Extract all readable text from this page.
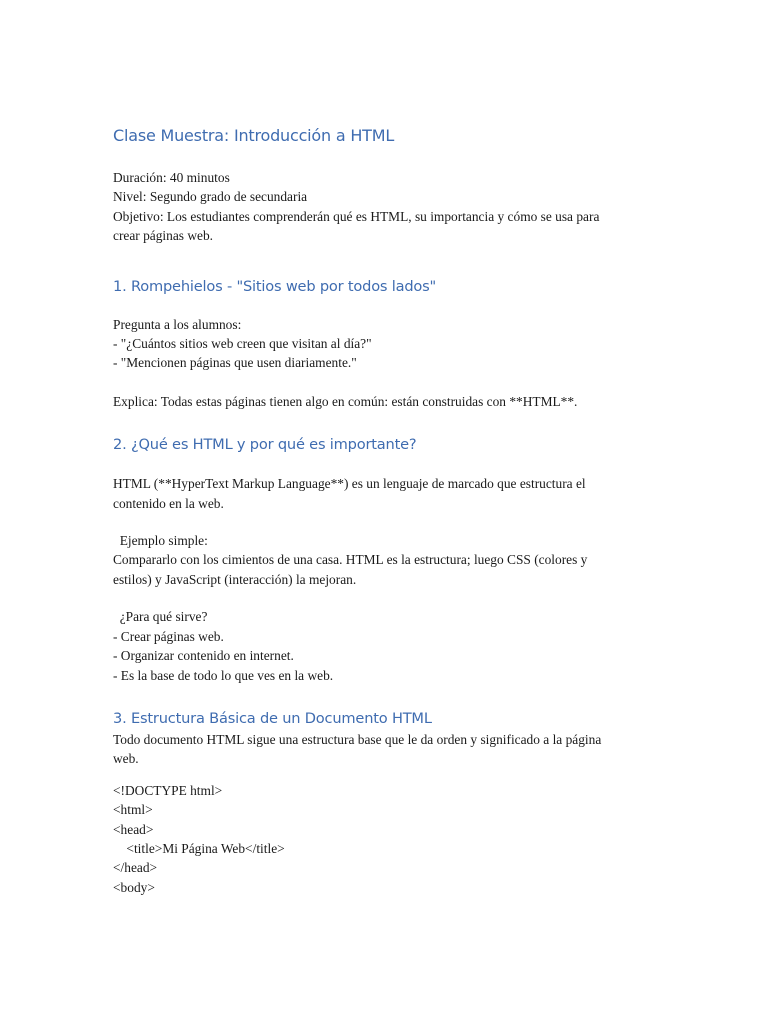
Clase Muestra: Introducción a HTML

Duración: 40 minutos

Nivel: Segundo grado de secundaria

Objetivo: Los estudiantes comprenderán qué es HTML, su importancia y cómo se usa para

crear páginas web.

1. Rompehielos - "Sitios web por todos lados"

Pregunta a los alumnos:

- "¿Cuántos sitios web creen que visitan al día?"

- "Mencionen páginas que usen diariamente."

Explica: Todas estas páginas tienen algo en común: están construidas con **HTML**.

2. ¿Qué es HTML y por qué es importante?

HTML (**HyperText Markup Language**) es un lenguaje de marcado que estructura el

contenido en la web.

Ejemplo simple:

Compararlo con los cimientos de una casa. HTML es la estructura; luego CSS (colores y

estilos) y JavaScript (interacción) la mejoran.

¿Para qué sirve?

- Crear páginas web.

- Organizar contenido en internet.

- Es la base de todo lo que ves en la web.

3. Estructura Básica de un Documento HTML

Todo documento HTML sigue una estructura base que le da orden y significado a la página

web.

<!DOCTYPE html>

<html>

<head>

<title>Mi Página Web</title>

</head>

<body>
